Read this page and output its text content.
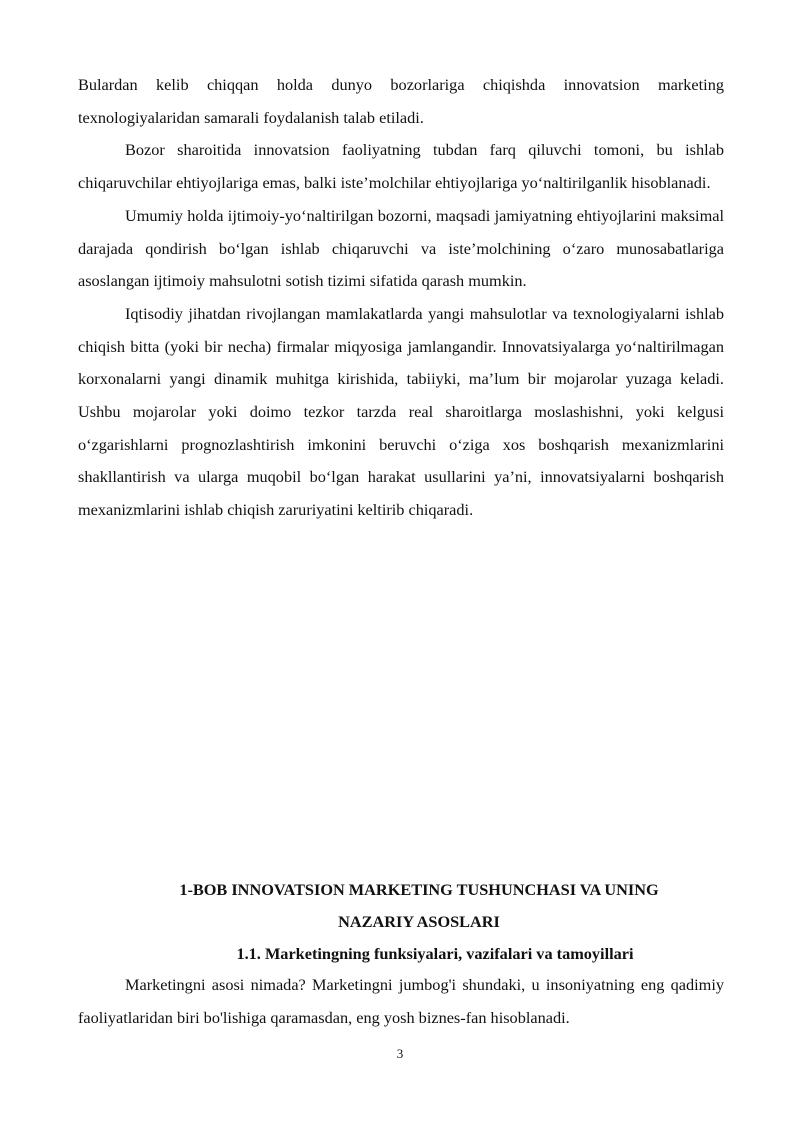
Bulardan kelib chiqqan holda dunyo bozorlariga chiqishda innovatsion marketing texnologiyalaridan samarali foydalanish talab etiladi.

Bozor sharoitida innovatsion faoliyatning tubdan farq qiluvchi tomoni, bu ishlab chiqaruvchilar ehtiyojlariga emas, balki iste’molchilar ehtiyojlariga yo‘naltirilganlik hisoblanadi.

Umumiy holda ijtimoiy-yo‘naltirilgan bozorni, maqsadi jamiyatning ehtiyojlarini maksimal darajada qondirish bo‘lgan ishlab chiqaruvchi va iste’molchining o‘zaro munosabatlariga asoslangan ijtimoiy mahsulotni sotish tizimi sifatida qarash mumkin.

Iqtisodiy jihatdan rivojlangan mamlakatlarda yangi mahsulotlar va texnologiyalarni ishlab chiqish bitta (yoki bir necha) firmalar miqyosiga jamlangandir. Innovatsiyalarga yo‘naltirilmagan korxonalarni yangi dinamik muhitga kirishida, tabiiyki, ma’lum bir mojarolar yuzaga keladi. Ushbu mojarolar yoki doimo tezkor tarzda real sharoitlarga moslashishni, yoki kelgusi o‘zgarishlarni prognozlashtirish imkonini beruvchi o‘ziga xos boshqarish mexanizmlarini shakllantirish va ularga muqobil bo‘lgan harakat usullarini ya’ni, innovatsiyalarni boshqarish mexanizmlarini ishlab chiqish zaruriyatini keltirib chiqaradi.

1-BOB INNOVATSION MARKETING TUSHUNCHASI VA UNING

NAZARIY ASOSLARI

1.1. Marketingning funksiyalari, vazifalari va tamoyillari

Marketingni asosi nimada? Marketingni jumbog'i shundaki, u insoniyatning eng qadimiy faoliyatlaridan biri bo'lishiga qaramasdan, eng yosh biznes-fan hisoblanadi.

3
